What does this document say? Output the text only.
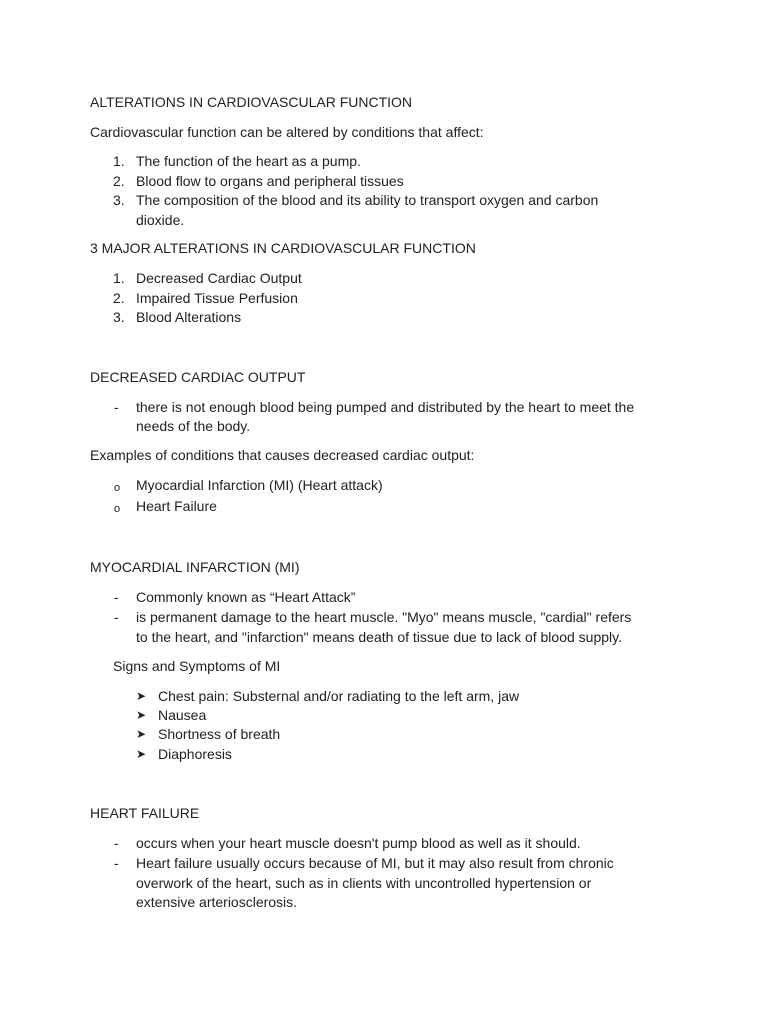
ALTERATIONS IN CARDIOVASCULAR FUNCTION
Cardiovascular function can be altered by conditions that affect:
1. The function of the heart as a pump.
2. Blood flow to organs and peripheral tissues
3. The composition of the blood and its ability to transport oxygen and carbon
dioxide.
3 MAJOR ALTERATIONS IN CARDIOVASCULAR FUNCTION
1. Decreased Cardiac Output
2. Impaired Tissue Perfusion
3. Blood Alterations
DECREASED CARDIAC OUTPUT
- there is not enough blood being pumped and distributed by the heart to meet the
needs of the body.
Examples of conditions that causes decreased cardiac output:
o Myocardial Infarction (MI) (Heart attack)
o Heart Failure
MYOCARDIAL INFARCTION (MI)
- Commonly known as “Heart Attack”
- is permanent damage to the heart muscle. "Myo" means muscle, "cardial" refers
to the heart, and "infarction" means death of tissue due to lack of blood supply.
Signs and Symptoms of MI
➤ Chest pain: Substernal and/or radiating to the left arm, jaw
➤ Nausea
➤ Shortness of breath
➤ Diaphoresis
HEART FAILURE
- occurs when your heart muscle doesn't pump blood as well as it should.
- Heart failure usually occurs because of MI, but it may also result from chronic
overwork of the heart, such as in clients with uncontrolled hypertension or
extensive arteriosclerosis.
